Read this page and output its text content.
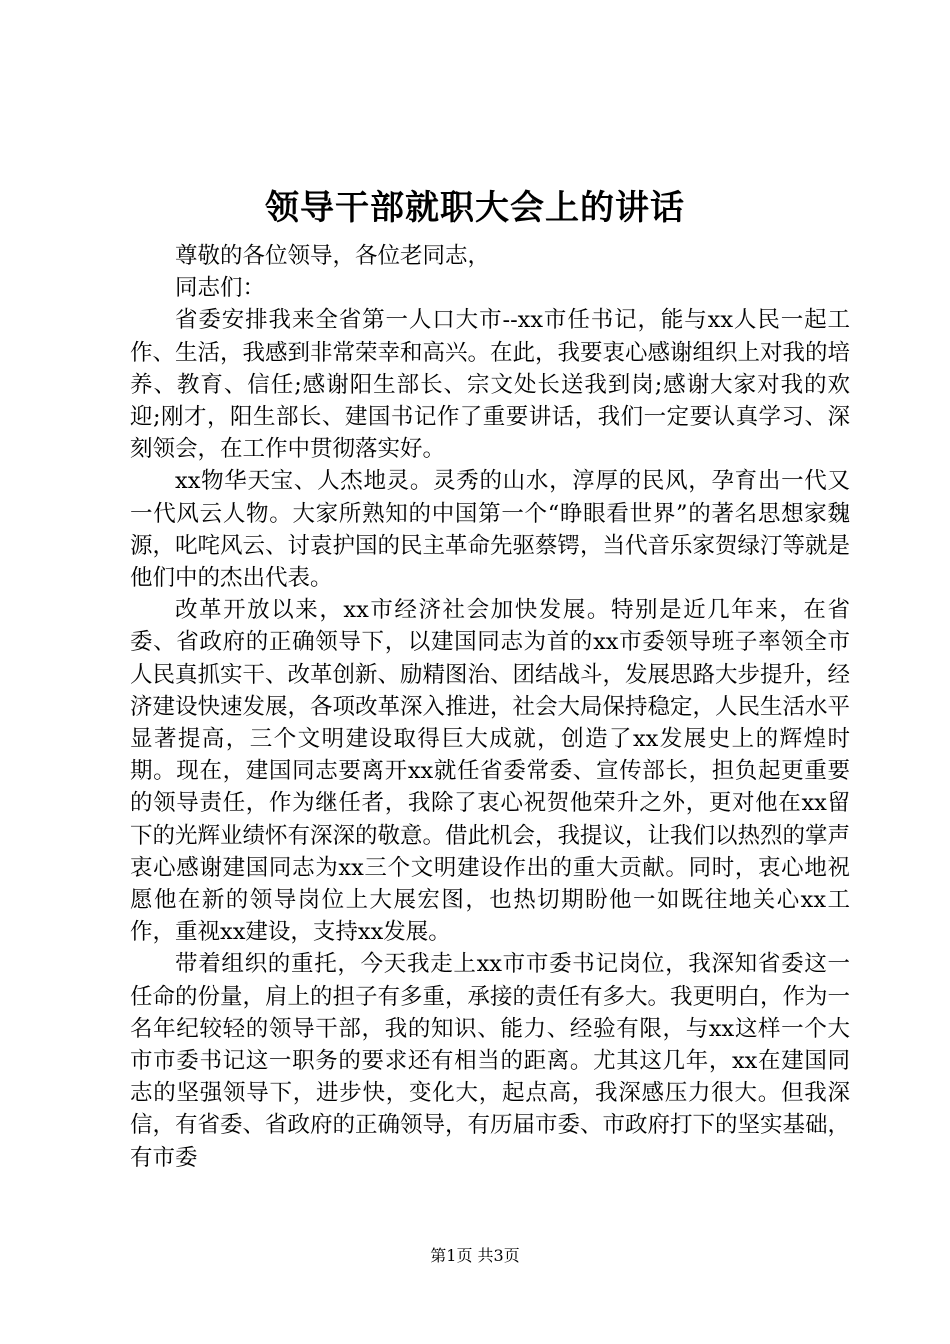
领导干部就职大会上的讲话

尊敬的各位领导，各位老同志，

同志们：

省委安排我来全省第一人口大市--xx市任书记，能与xx人民一起工作、生活，我感到非常荣幸和高兴。在此，我要衷心感谢组织上对我的培养、教育、信任;感谢阳生部长、宗文处长送我到岗;感谢大家对我的欢迎;刚才，阳生部长、建国书记作了重要讲话，我们一定要认真学习、深刻领会，在工作中贯彻落实好。

xx物华天宝、人杰地灵。灵秀的山水，淳厚的民风，孕育出一代又一代风云人物。大家所熟知的中国第一个“睁眼看世界”的著名思想家魏源，叱咤风云、讨袁护国的民主革命先驱蔡锷，当代音乐家贺绿汀等就是他们中的杰出代表。

改革开放以来，xx市经济社会加快发展。特别是近几年来，在省委、省政府的正确领导下，以建国同志为首的xx市委领导班子率领全市人民真抓实干、改革创新、励精图治、团结战斗，发展思路大步提升，经济建设快速发展，各项改革深入推进，社会大局保持稳定，人民生活水平显著提高，三个文明建设取得巨大成就，创造了xx发展史上的辉煌时期。现在，建国同志要离开xx就任省委常委、宣传部长，担负起更重要的领导责任，作为继任者，我除了衷心祝贺他荣升之外，更对他在xx留下的光辉业绩怀有深深的敬意。借此机会，我提议，让我们以热烈的掌声衷心感谢建国同志为xx三个文明建设作出的重大贡献。同时，衷心地祝愿他在新的领导岗位上大展宏图，也热切期盼他一如既往地关心xx工作，重视xx建设，支持xx发展。

带着组织的重托，今天我走上xx市市委书记岗位，我深知省委这一任命的份量，肩上的担子有多重，承接的责任有多大。我更明白，作为一名年纪较轻的领导干部，我的知识、能力、经验有限，与xx这样一个大市市委书记这一职务的要求还有相当的距离。尤其这几年，xx在建国同志的坚强领导下，进步快，变化大，起点高，我深感压力很大。但我深信，有省委、省政府的正确领导，有历届市委、市政府打下的坚实基础，有市委

第1页 共3页
